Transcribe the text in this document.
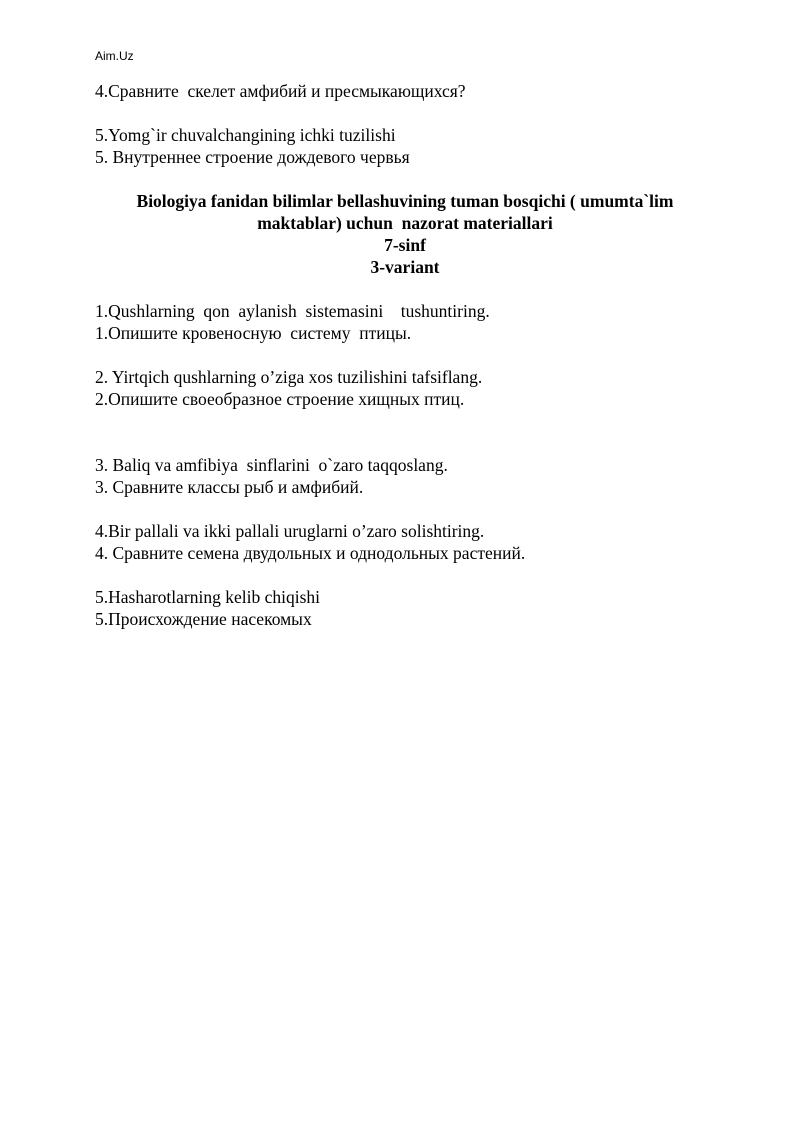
Aim.Uz

4.Сравните  скелет амфибий и пресмыкающихся?

5.Yomg`ir chuvalchangining ichki tuzilishi

5. Внутреннее строение дождевого червья

Biologiya fanidan bilimlar bellashuvining tuman bosqichi ( umumta`lim

maktablar) uchun  nazorat materiallari

7-sinf

3-variant

1.Qushlarning  qon  aylanish  sistemasini    tushuntiring.

1.Опишите кровеносную  систему  птицы.

2. Yirtqich qushlarning o’ziga xos tuzilishini tafsiflang.

2.Опишите своеобразное строение хищных птиц.

3. Baliq va amfibiya  sinflarini  o`zaro taqqoslang.

3. Сравните классы рыб и амфибий.

4.Bir pallali va ikki pallali uruglarni o’zaro solishtiring.

4. Сравните семена двудольных и однодольных растений.

5.Hasharotlarning kelib chiqishi

5.Происхождение насекомых
